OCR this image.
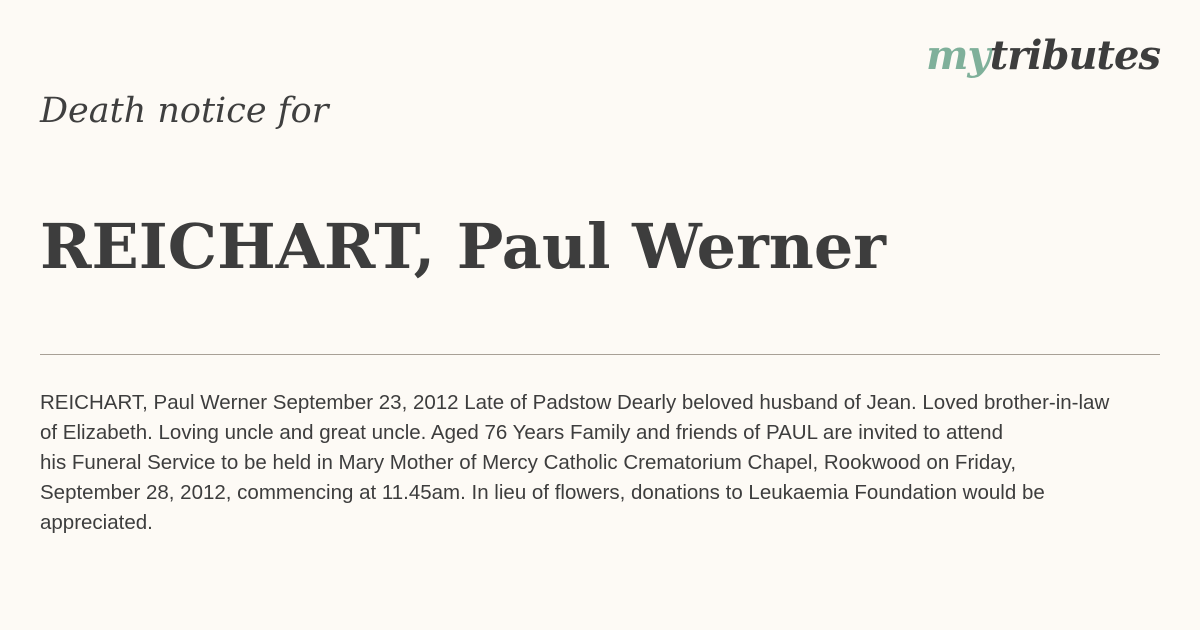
mytributes
Death notice for
REICHART, Paul Werner

REICHART, Paul Werner September 23, 2012 Late of Padstow Dearly beloved husband of Jean. Loved brother-in-law
of Elizabeth. Loving uncle and great uncle. Aged 76 Years Family and friends of PAUL are invited to attend
his Funeral Service to be held in Mary Mother of Mercy Catholic Crematorium Chapel, Rookwood on Friday,
September 28, 2012, commencing at 11.45am. In lieu of flowers, donations to Leukaemia Foundation would be
appreciated.
